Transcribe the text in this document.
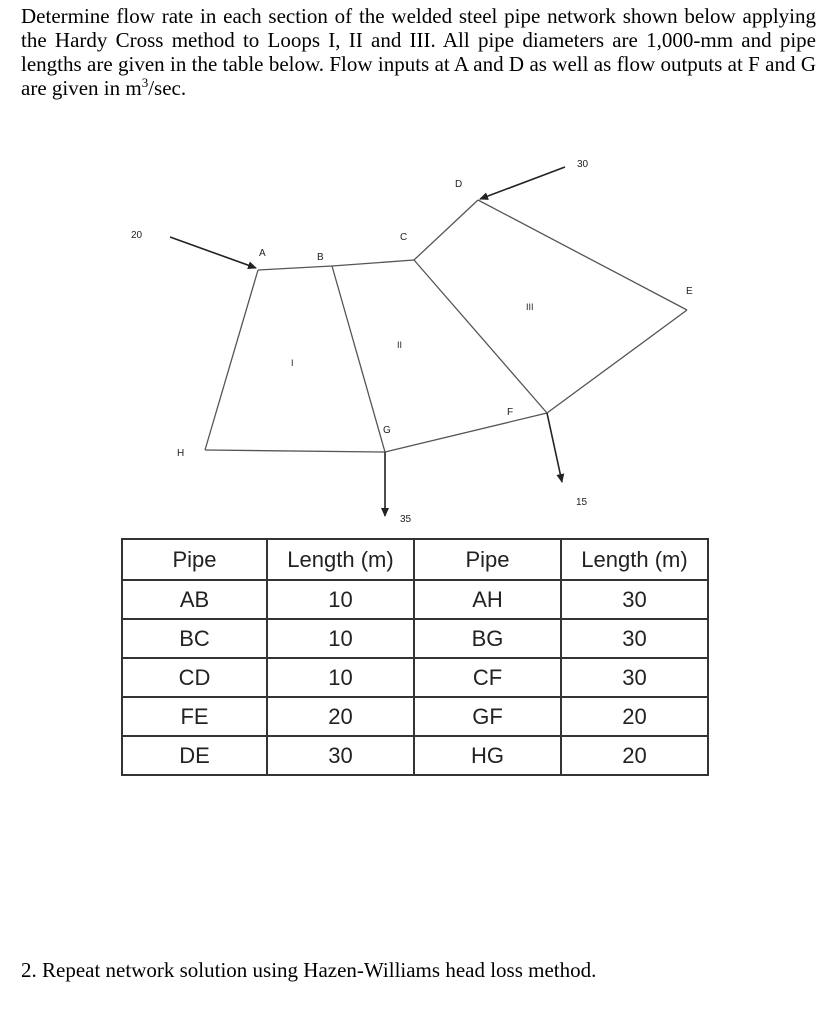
Determine flow rate in each section of the welded steel pipe network shown below applying the Hardy Cross method to Loops I, II and III. All pipe diameters are 1,000-mm and pipe lengths are given in the table below. Flow inputs at A and D as well as flow outputs at F and G are given in $m^3/\sec$.
A	B
C
D
E
F
G
H
I
II
III
20
30
35
15
Pipe	Length (m)	Pipe	Length (m)
AB	10	AH	30
BC	10	BG	30
CD	10	CF	30
FE	20	GF	20
DE	30	HG	20
2. Repeat network solution using Hazen-Williams head loss method.
